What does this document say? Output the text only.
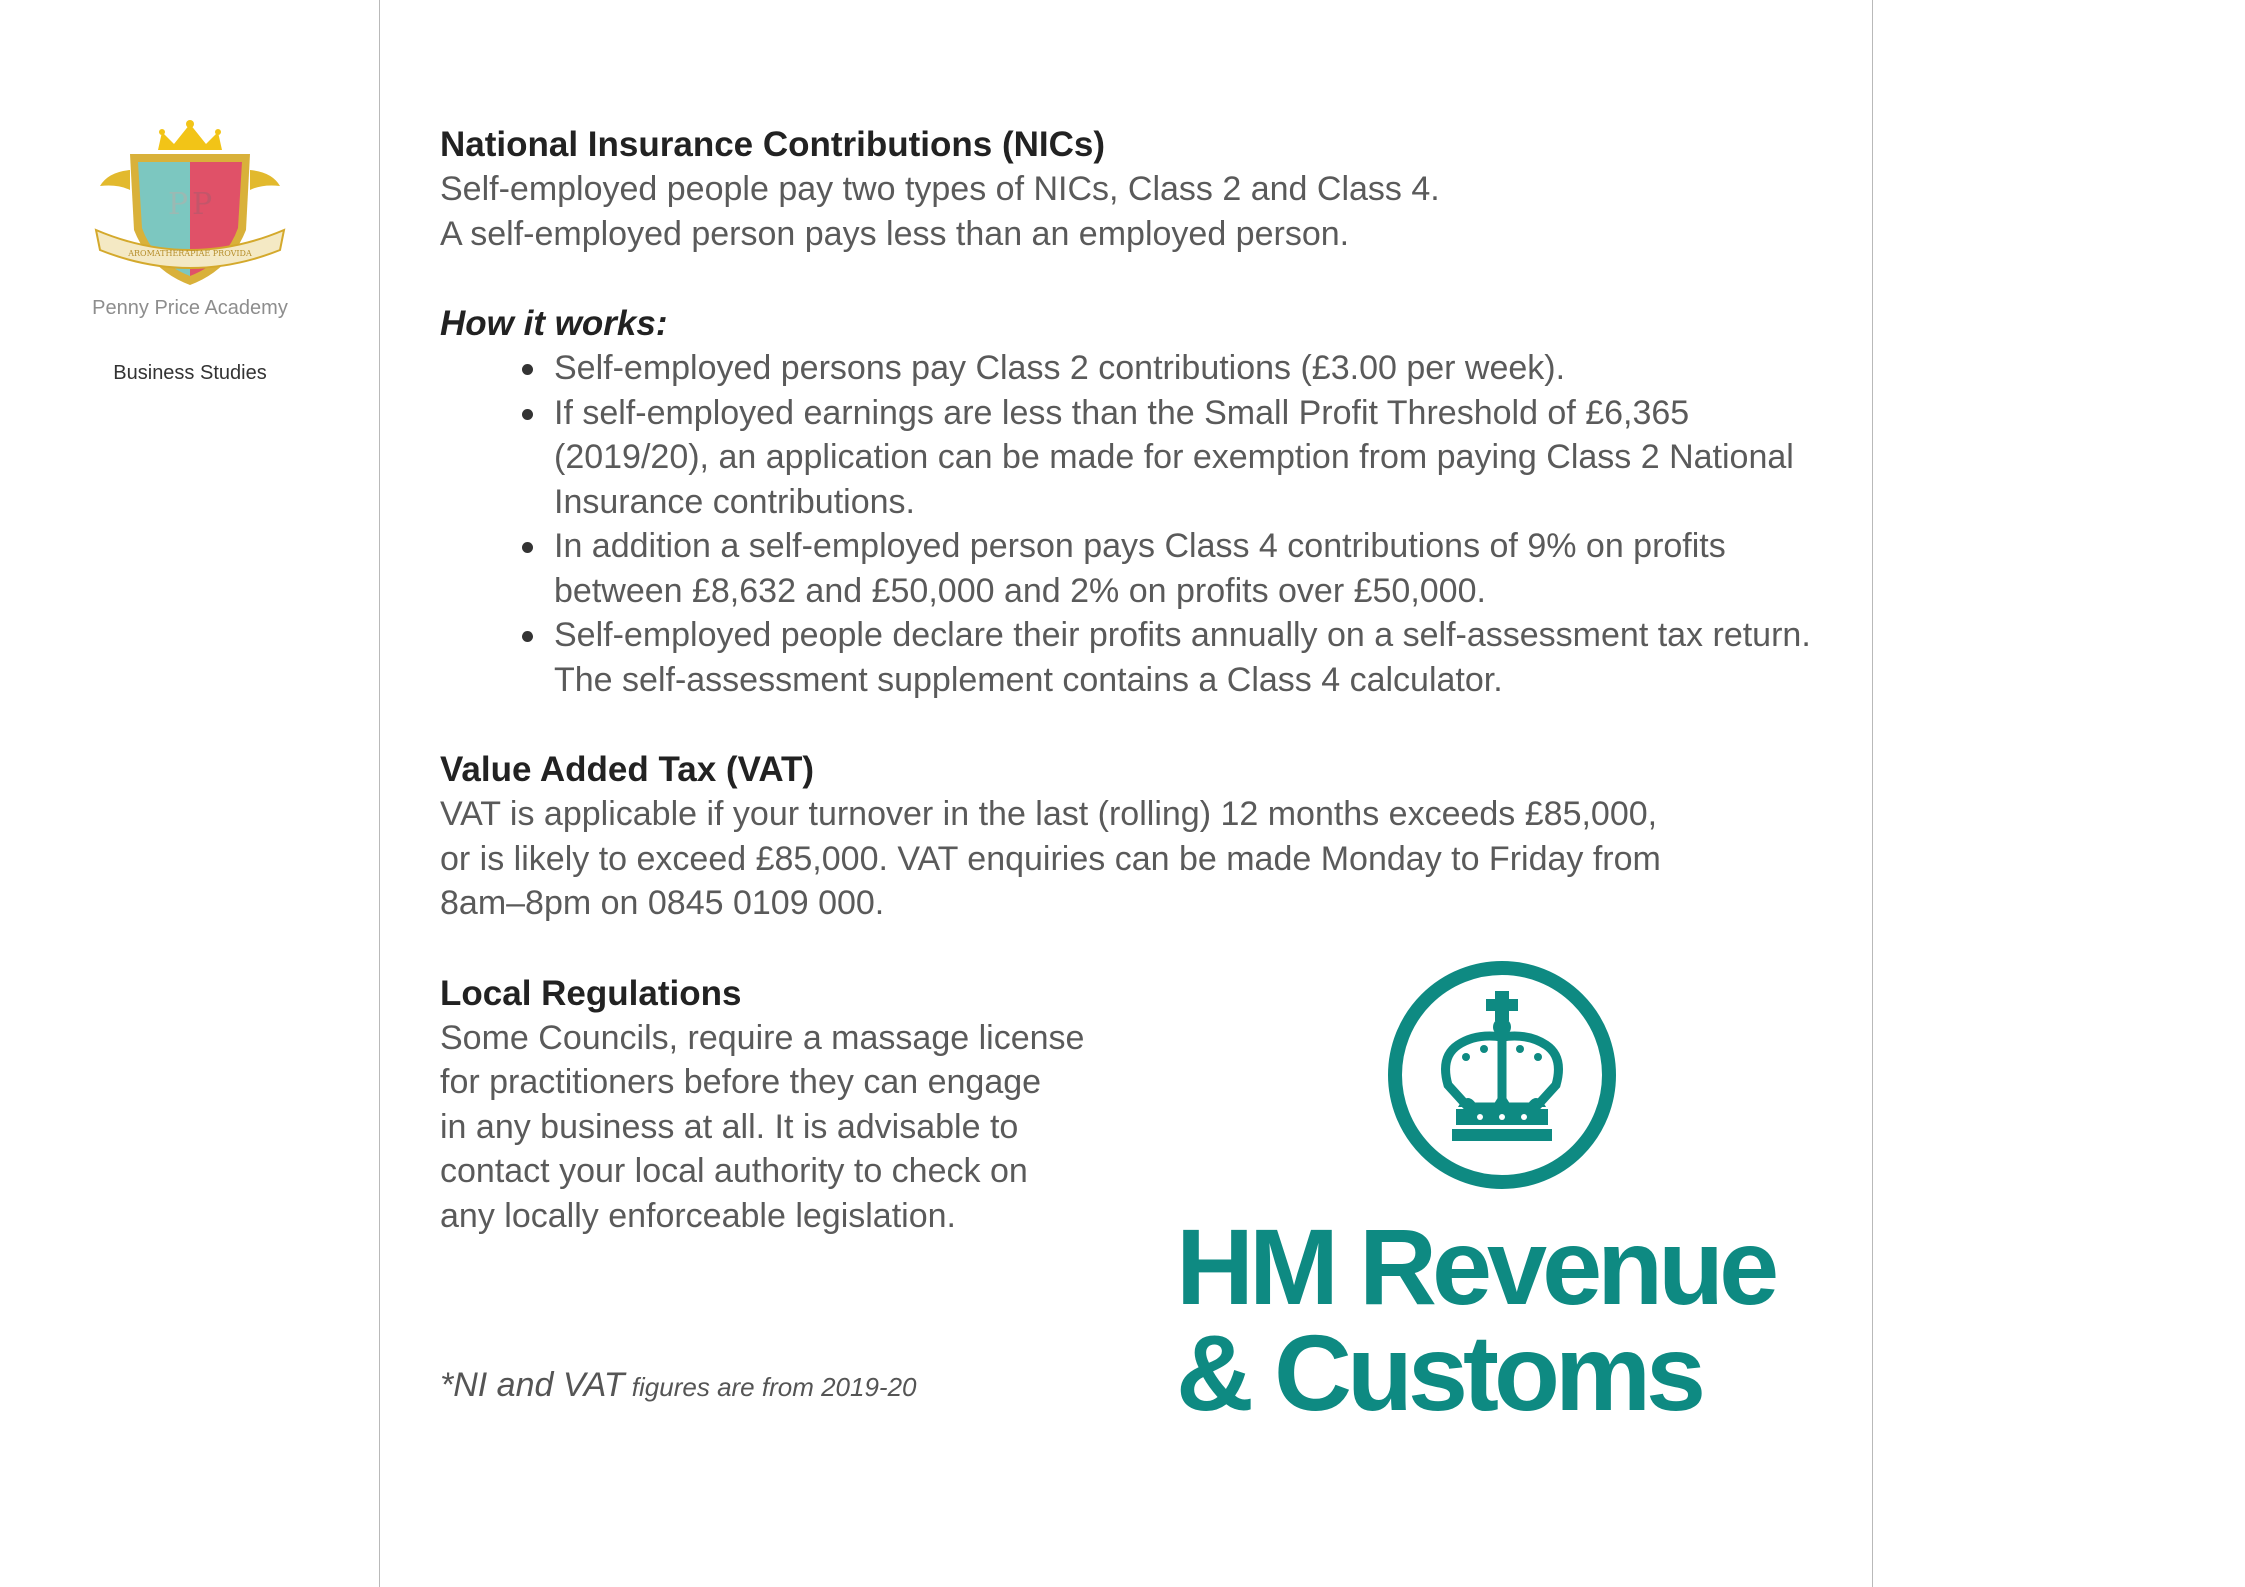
P P
AROMATHERAPIAE PROVIDA
Penny Price Academy
Business Studies
National Insurance Contributions (NICs)

Self-employed people pay two types of NICs, Class 2 and Class 4.

A self-employed person pays less than an employed person.

How it works:
Self-employed persons pay Class 2 contributions (£3.00 per week).
If self-employed earnings are less than the Small Profit Threshold of £6,365 (2019/20), an application can be made for exemption from paying Class 2 National Insurance contributions.
In addition a self-employed person pays Class 4 contributions of 9% on profits between £8,632 and £50,000 and 2% on profits over £50,000.
Self-employed people declare their profits annually on a self-assessment tax return. The self-assessment supplement contains a Class 4 calculator.
Value Added Tax (VAT)

VAT is applicable if your turnover in the last (rolling) 12 months exceeds £85,000,

or is likely to exceed £85,000. VAT enquiries can be made Monday to Friday from

8am–8pm on 0845 0109 000.

Local Regulations

Some Councils, require a massage license

for practitioners before they can engage

in any business at all. It is advisable to

contact your local authority to check on

any locally enforceable legislation.

*NI and VAT figures are from 2019-20
HM Revenue
& Customs
